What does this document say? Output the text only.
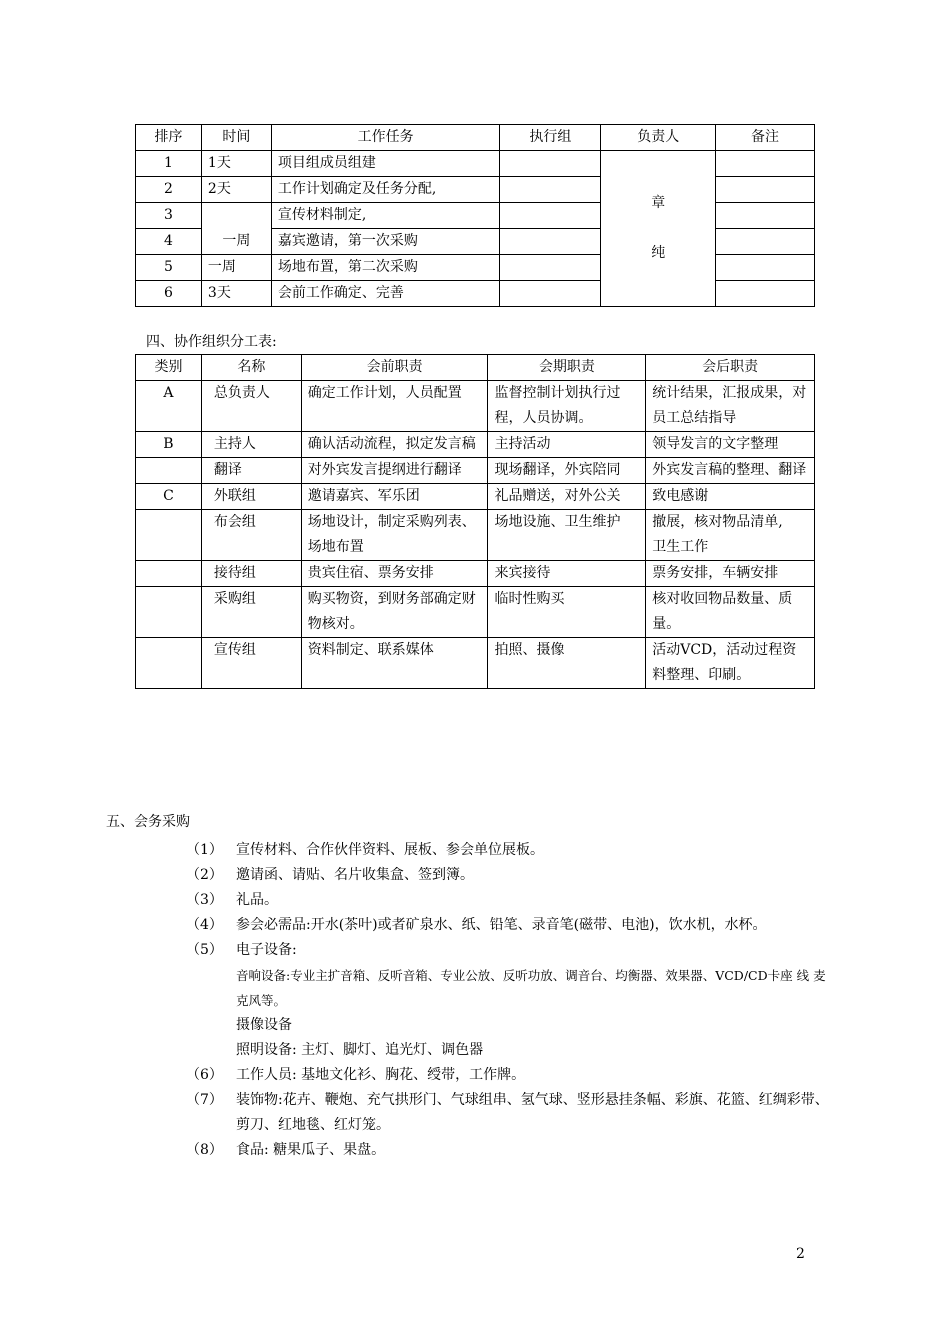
排序	时间	工作任务	执行组	负责人	备注
1	1天	项目组成员组建		章
纯	

2	2天	工作计划确定及任务分配,			
3	一周	宣传材料制定,			
4		嘉宾邀请，第一次采购			
5	一周	场地布置，第二次采购			
6	3天	会前工作确定、完善			
四、协作组织分工表:
类别	名称	会前职责	会期职责	会后职责
A	总负责人	确定工作计划，人员配置	监督控制计划执行过程，人员协调。	统计结果，汇报成果，对员工总结指导
B	主持人	确认活动流程，拟定发言稿	主持活动	领导发言的文字整理
	翻译	对外宾发言提纲进行翻译	现场翻译，外宾陪同	外宾发言稿的整理、翻译
C	外联组	邀请嘉宾、军乐团	礼品赠送，对外公关	致电感谢
	布会组	场地设计，制定采购列表、场地布置	场地设施、卫生维护	撤展，核对物品清单,
卫生工作

	接待组	贵宾住宿、票务安排	来宾接待	票务安排，车辆安排
	采购组	购买物资，到财务部确定财物核对。	临时性购买	核对收回物品数量、质量。
	宣传组	资料制定、联系媒体	拍照、摄像	活动VCD，活动过程资料整理、印刷。
五、会务采购
（1） 宣传材料、合作伙伴资料、展板、参会单位展板。
（2） 邀请函、请贴、名片收集盒、签到簿。
（3） 礼品。
（4） 参会必需品:开水(茶叶)或者矿泉水、纸、铅笔、录音笔(磁带、电池)，饮水机，水杯。
（5） 电子设备:
音响设备:专业主扩音箱、反听音箱、专业公放、反听功放、调音台、均衡器、效果器、VCD/CD卡座 线 麦克风等。
摄像设备
照明设备: 主灯、脚灯、追光灯、调色器
（6） 工作人员: 基地文化衫、胸花、绶带，工作牌。
（7） 装饰物:花卉、鞭炮、充气拱形门、气球组串、氢气球、竖形悬挂条幅、彩旗、花篮、红绸彩带、剪刀、红地毯、红灯笼。
（8） 食品: 糖果瓜子、果盘。
2
